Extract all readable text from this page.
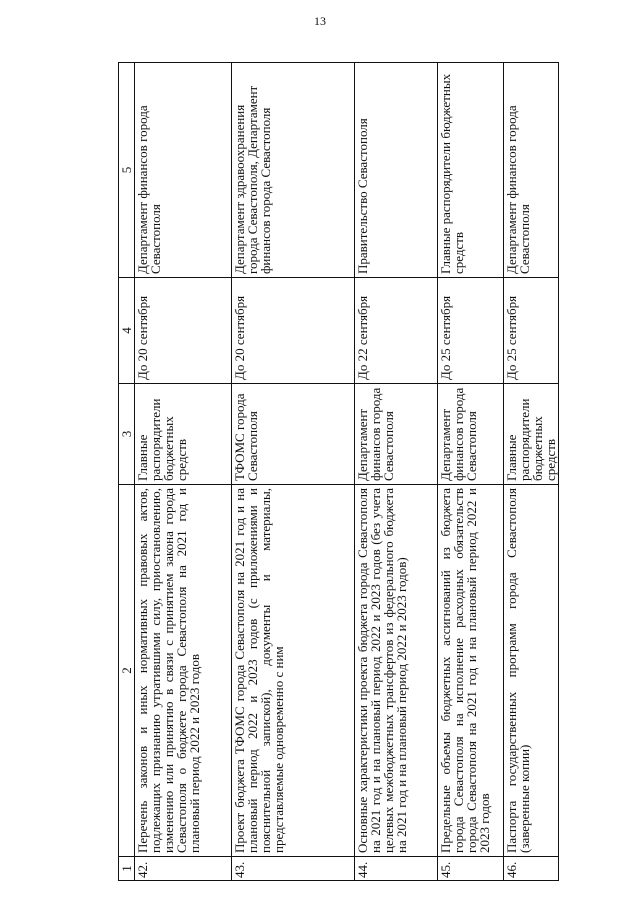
13
1	2	3	4	5
42.	Перечень законов и иных нормативных правовых актов, подлежащих признанию утратившими силу, приостановлению, изменению или принятию в связи с принятием закона города Севастополя о бюджете города Севастополя на 2021 год и плановый период 2022 и 2023 годов	Главные распорядители бюджетных средств	До 20 сентября	Департамент финансов города Севастополя
43.	Проект бюджета ТФОМС города Севастополя на 2021 год и на плановый период 2022 и 2023 годов (с приложениями и пояснительной запиской), документы и материалы, представляемые одновременно с ним	ТФОМС города Севастополя	До 20 сентября	Департамент здравоохранения города Севастополя, Департамент финансов города Севастополя
44.	Основные характеристики проекта бюджета города Севастополя на 2021 год и на плановый период 2022 и 2023 годов (без учета целевых межбюджетных трансфертов из федерального бюджета на 2021 год и на плановый период 2022 и 2023 годов)	Департамент финансов города Севастополя	До 22 сентября	Правительство Севастополя
45.	Предельные объемы бюджетных ассигнований из бюджета города Севастополя на исполнение расходных обязательств города Севастополя на 2021 год и на плановый период 2022 и 2023 годов	Департамент финансов города Севастополя	До 25 сентября	Главные распорядители бюджетных средств
46.	Паспорта государственных программ города Севастополя (заверенные копии)	Главные распорядители бюджетных средств	До 25 сентября	Департамент финансов города Севастополя
